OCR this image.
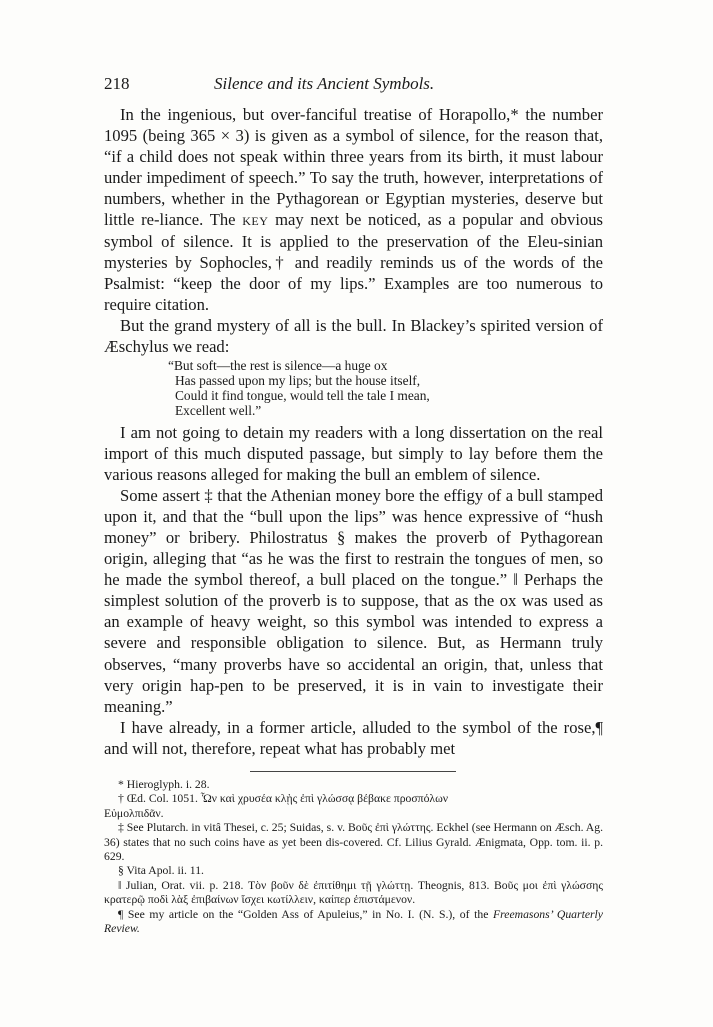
218	Silence and its Ancient Symbols.

In the ingenious, but over-fanciful treatise of Horapollo,* the number 1095 (being 365 × 3) is given as a symbol of silence, for the reason that, “if a child does not speak within three years from its birth, it must labour under impediment of speech.” To say the truth, however, interpretations of numbers, whether in the Pythagorean or Egyptian mysteries, deserve but little re-liance. The key may next be noticed, as a popular and obvious symbol of silence. It is applied to the preservation of the Eleu-sinian mysteries by Sophocles,† and readily reminds us of the words of the Psalmist: “keep the door of my lips.” Examples are too numerous to require citation.

But the grand mystery of all is the bull. In Blackey’s spirited version of Æschylus we read:

“But soft—the rest is silence—a huge ox
Has passed upon my lips; but the house itself,
Could it find tongue, would tell the tale I mean,
Excellent well.”

I am not going to detain my readers with a long dissertation on the real import of this much disputed passage, but simply to lay before them the various reasons alleged for making the bull an emblem of silence.

Some assert ‡ that the Athenian money bore the effigy of a bull stamped upon it, and that the “bull upon the lips” was hence expressive of “hush money” or bribery. Philostratus § makes the proverb of Pythagorean origin, alleging that “as he was the first to restrain the tongues of men, so he made the symbol thereof, a bull placed on the tongue.” ‖ Perhaps the simplest solution of the proverb is to suppose, that as the ox was used as an example of heavy weight, so this symbol was intended to express a severe and responsible obligation to silence. But, as Hermann truly observes, “many proverbs have so accidental an origin, that, unless that very origin hap-pen to be preserved, it is in vain to investigate their meaning.”

I have already, in a former article, alluded to the symbol of the rose,¶ and will not, therefore, repeat what has probably met

* Hieroglyph. i. 28.
† Œd. Col. 1051. Ὧν καὶ χρυσέα κλῂς ἐπὶ γλώσσᾳ βέβακε προσπόλων
Εὐμολπιδᾶν.
‡ See Plutarch. in vitâ Thesei, c. 25; Suidas, s. v. Βοῦς ἐπὶ γλώττης. Eckhel (see Hermann on Æsch. Ag. 36) states that no such coins have as yet been dis-covered. Cf. Lilius Gyrald. Ænigmata, Opp. tom. ii. p. 629.
§ Vita Apol. ii. 11.
‖ Julian, Orat. vii. p. 218. Τὸν βοῦν δὲ ἐπιτίθημι τῇ γλώττῃ. Theognis, 813. Βοῦς μοι ἐπὶ γλώσσης κρατερῷ ποδὶ λὰξ ἐπιβαίνων ἴσχει κωτίλλειν, καίπερ ἐπιστάμενον.
¶ See my article on the “Golden Ass of Apuleius,” in No. I. (N. S.), of the Freemasons’ Quarterly Review.
